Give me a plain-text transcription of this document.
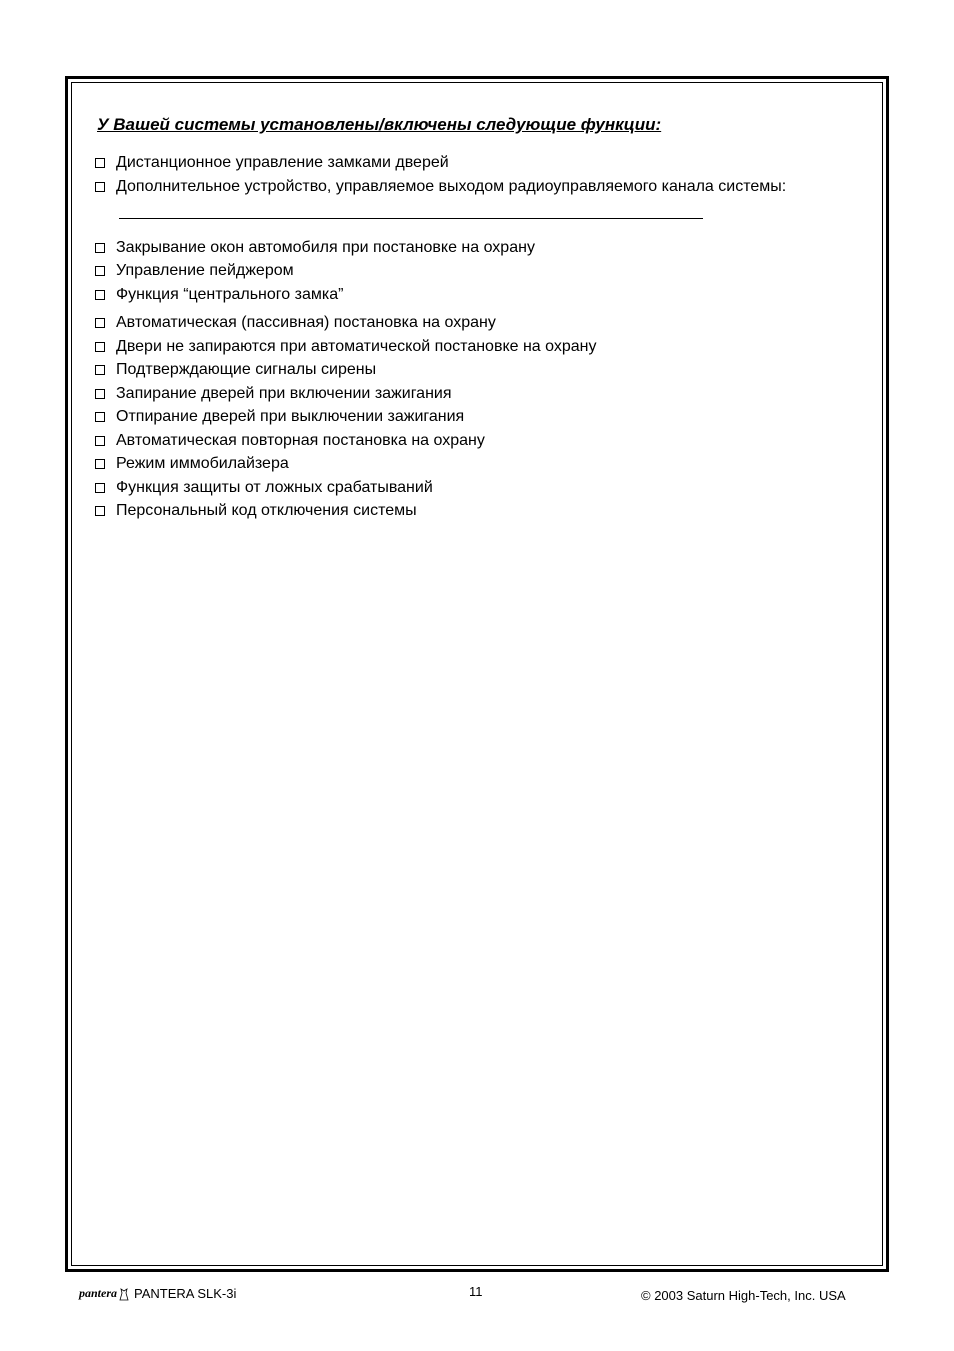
У Вашей системы установлены/включены следующие функции:
Дистанционное управление замками дверей
Дополнительное устройство, управляемое выходом радиоуправляемого канала системы:
Закрывание окон автомобиля при постановке на охрану
Управление пейджером
Функция “центрального замка”
Автоматическая (пассивная) постановка на охрану
Двери не запираются при автоматической постановке на охрану
Подтверждающие сигналы сирены
Запирание дверей при включении зажигания
Отпирание дверей при выключении зажигания
Автоматическая повторная постановка на охрану
Режим иммобилайзера
Функция защиты от ложных срабатываний
Персональный код отключения системы
pantera PANTERA SLK-3i	11	© 2003 Saturn High-Tech, Inc. USA
